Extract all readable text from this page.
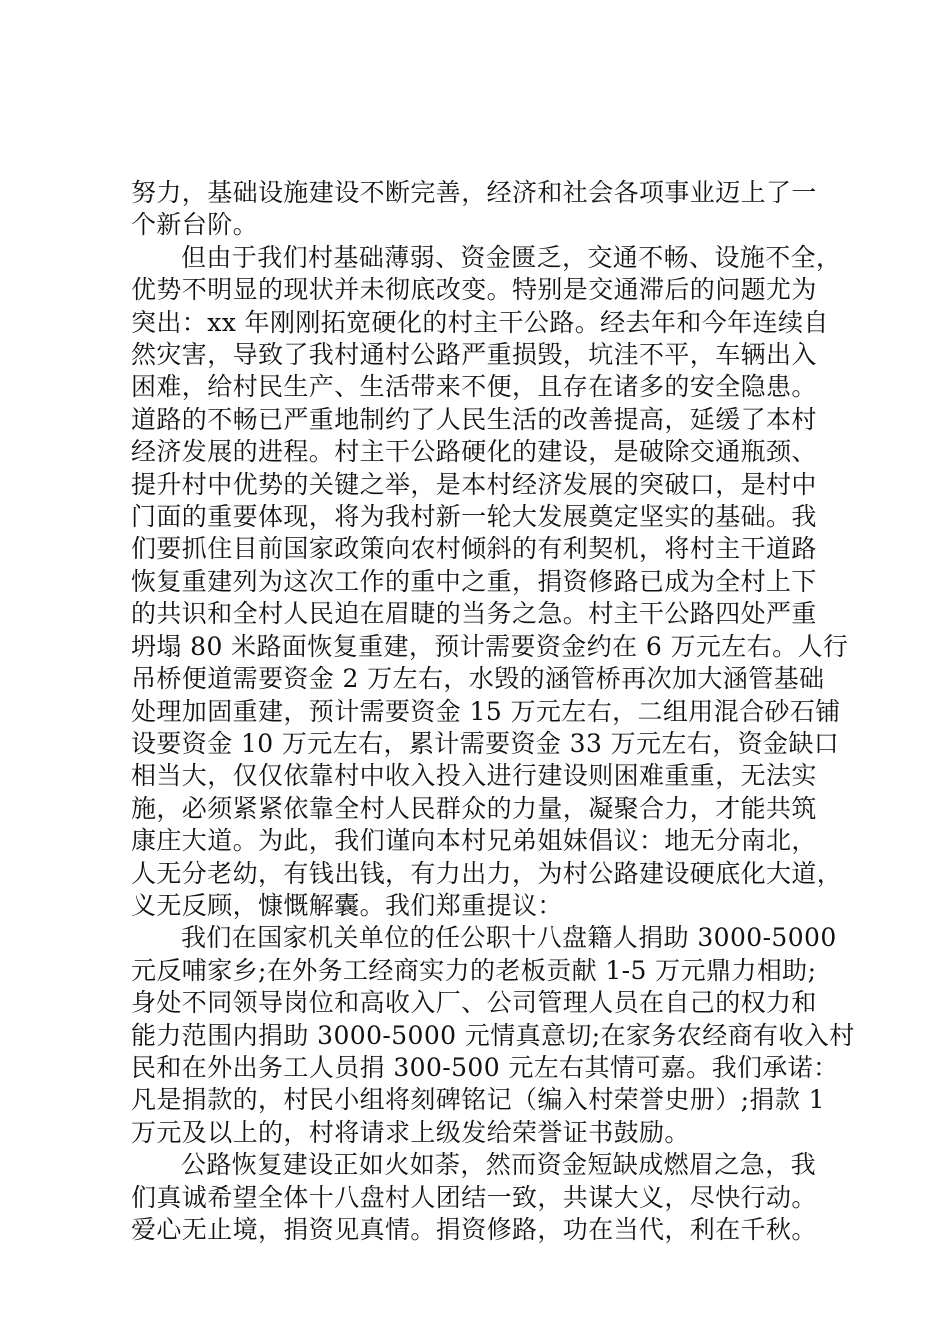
努力，基础设施建设不断完善，经济和社会各项事业迈上了一
个新台阶。
但由于我们村基础薄弱、资金匮乏，交通不畅、设施不全，
优势不明显的现状并未彻底改变。特别是交通滞后的问题尤为
突出：xx 年刚刚拓宽硬化的村主干公路。经去年和今年连续自
然灾害，导致了我村通村公路严重损毁，坑洼不平，车辆出入
困难，给村民生产、生活带来不便，且存在诸多的安全隐患。
道路的不畅已严重地制约了人民生活的改善提高，延缓了本村
经济发展的进程。村主干公路硬化的建设，是破除交通瓶颈、
提升村中优势的关键之举，是本村经济发展的突破口，是村中
门面的重要体现，将为我村新一轮大发展奠定坚实的基础。我
们要抓住目前国家政策向农村倾斜的有利契机，将村主干道路
恢复重建列为这次工作的重中之重，捐资修路已成为全村上下
的共识和全村人民迫在眉睫的当务之急。村主干公路四处严重
坍塌 80 米路面恢复重建，预计需要资金约在 6 万元左右。人行
吊桥便道需要资金 2 万左右，水毁的涵管桥再次加大涵管基础
处理加固重建，预计需要资金 15 万元左右，二组用混合砂石铺
设要资金 10 万元左右，累计需要资金 33 万元左右，资金缺口
相当大，仅仅依靠村中收入投入进行建设则困难重重，无法实
施，必须紧紧依靠全村人民群众的力量，凝聚合力，才能共筑
康庄大道。为此，我们谨向本村兄弟姐妹倡议：地无分南北，
人无分老幼，有钱出钱，有力出力，为村公路建设硬底化大道，
义无反顾，慷慨解囊。我们郑重提议：
我们在国家机关单位的任公职十八盘籍人捐助 3000-5000
元反哺家乡;在外务工经商实力的老板贡献 1-5 万元鼎力相助;
身处不同领导岗位和高收入厂、公司管理人员在自己的权力和
能力范围内捐助 3000-5000 元情真意切;在家务农经商有收入村
民和在外出务工人员捐 300-500 元左右其情可嘉。我们承诺：
凡是捐款的，村民小组将刻碑铭记（编入村荣誉史册）;捐款 1
万元及以上的，村将请求上级发给荣誉证书鼓励。
公路恢复建设正如火如荼，然而资金短缺成燃眉之急，我
们真诚希望全体十八盘村人团结一致，共谋大义，尽快行动。
爱心无止境，捐资见真情。捐资修路，功在当代，利在千秋。
